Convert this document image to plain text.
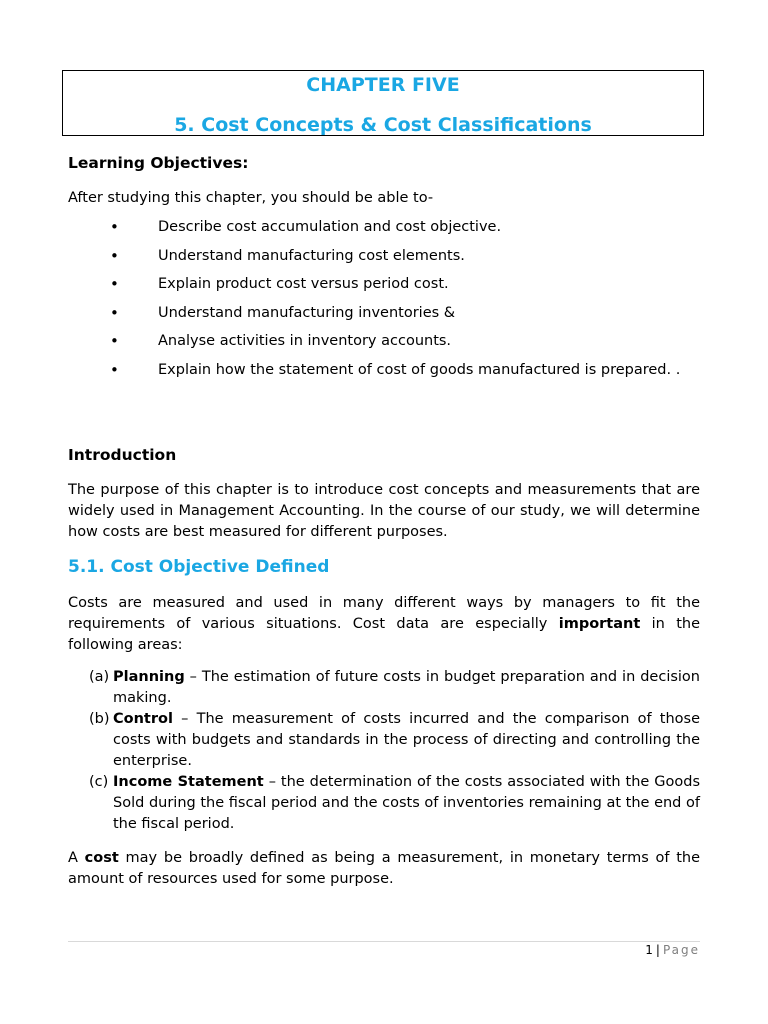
CHAPTER FIVE
5. Cost Concepts & Cost Classifications
Learning Objectives:
After studying this chapter, you should be able to-
•	Describe cost accumulation and cost objective.
•	Understand manufacturing cost elements.
•	Explain product cost versus period cost.
•	Understand manufacturing inventories &
•	Analyse activities in inventory accounts.
•	Explain how the statement of cost of goods manufactured is prepared. .
Introduction
The purpose of this chapter is to introduce cost concepts and measurements that are widely used in Management Accounting. In the course of our study, we will determine how costs are best measured for different purposes.
5.1. Cost Objective Defined
Costs are measured and used in many different ways by managers to fit the requirements of various situations. Cost data are especially important in the following areas:
(a) Planning – The estimation of future costs in budget preparation and in decision making.
(b) Control – The measurement of costs incurred and the comparison of those costs with budgets and standards in the process of directing and controlling the enterprise.
(c) Income Statement – the determination of the costs associated with the Goods Sold during the fiscal period and the costs of inventories remaining at the end of the fiscal period.
A cost may be broadly defined as being a measurement, in monetary terms of the amount of resources used for some purpose.
1 | Page
